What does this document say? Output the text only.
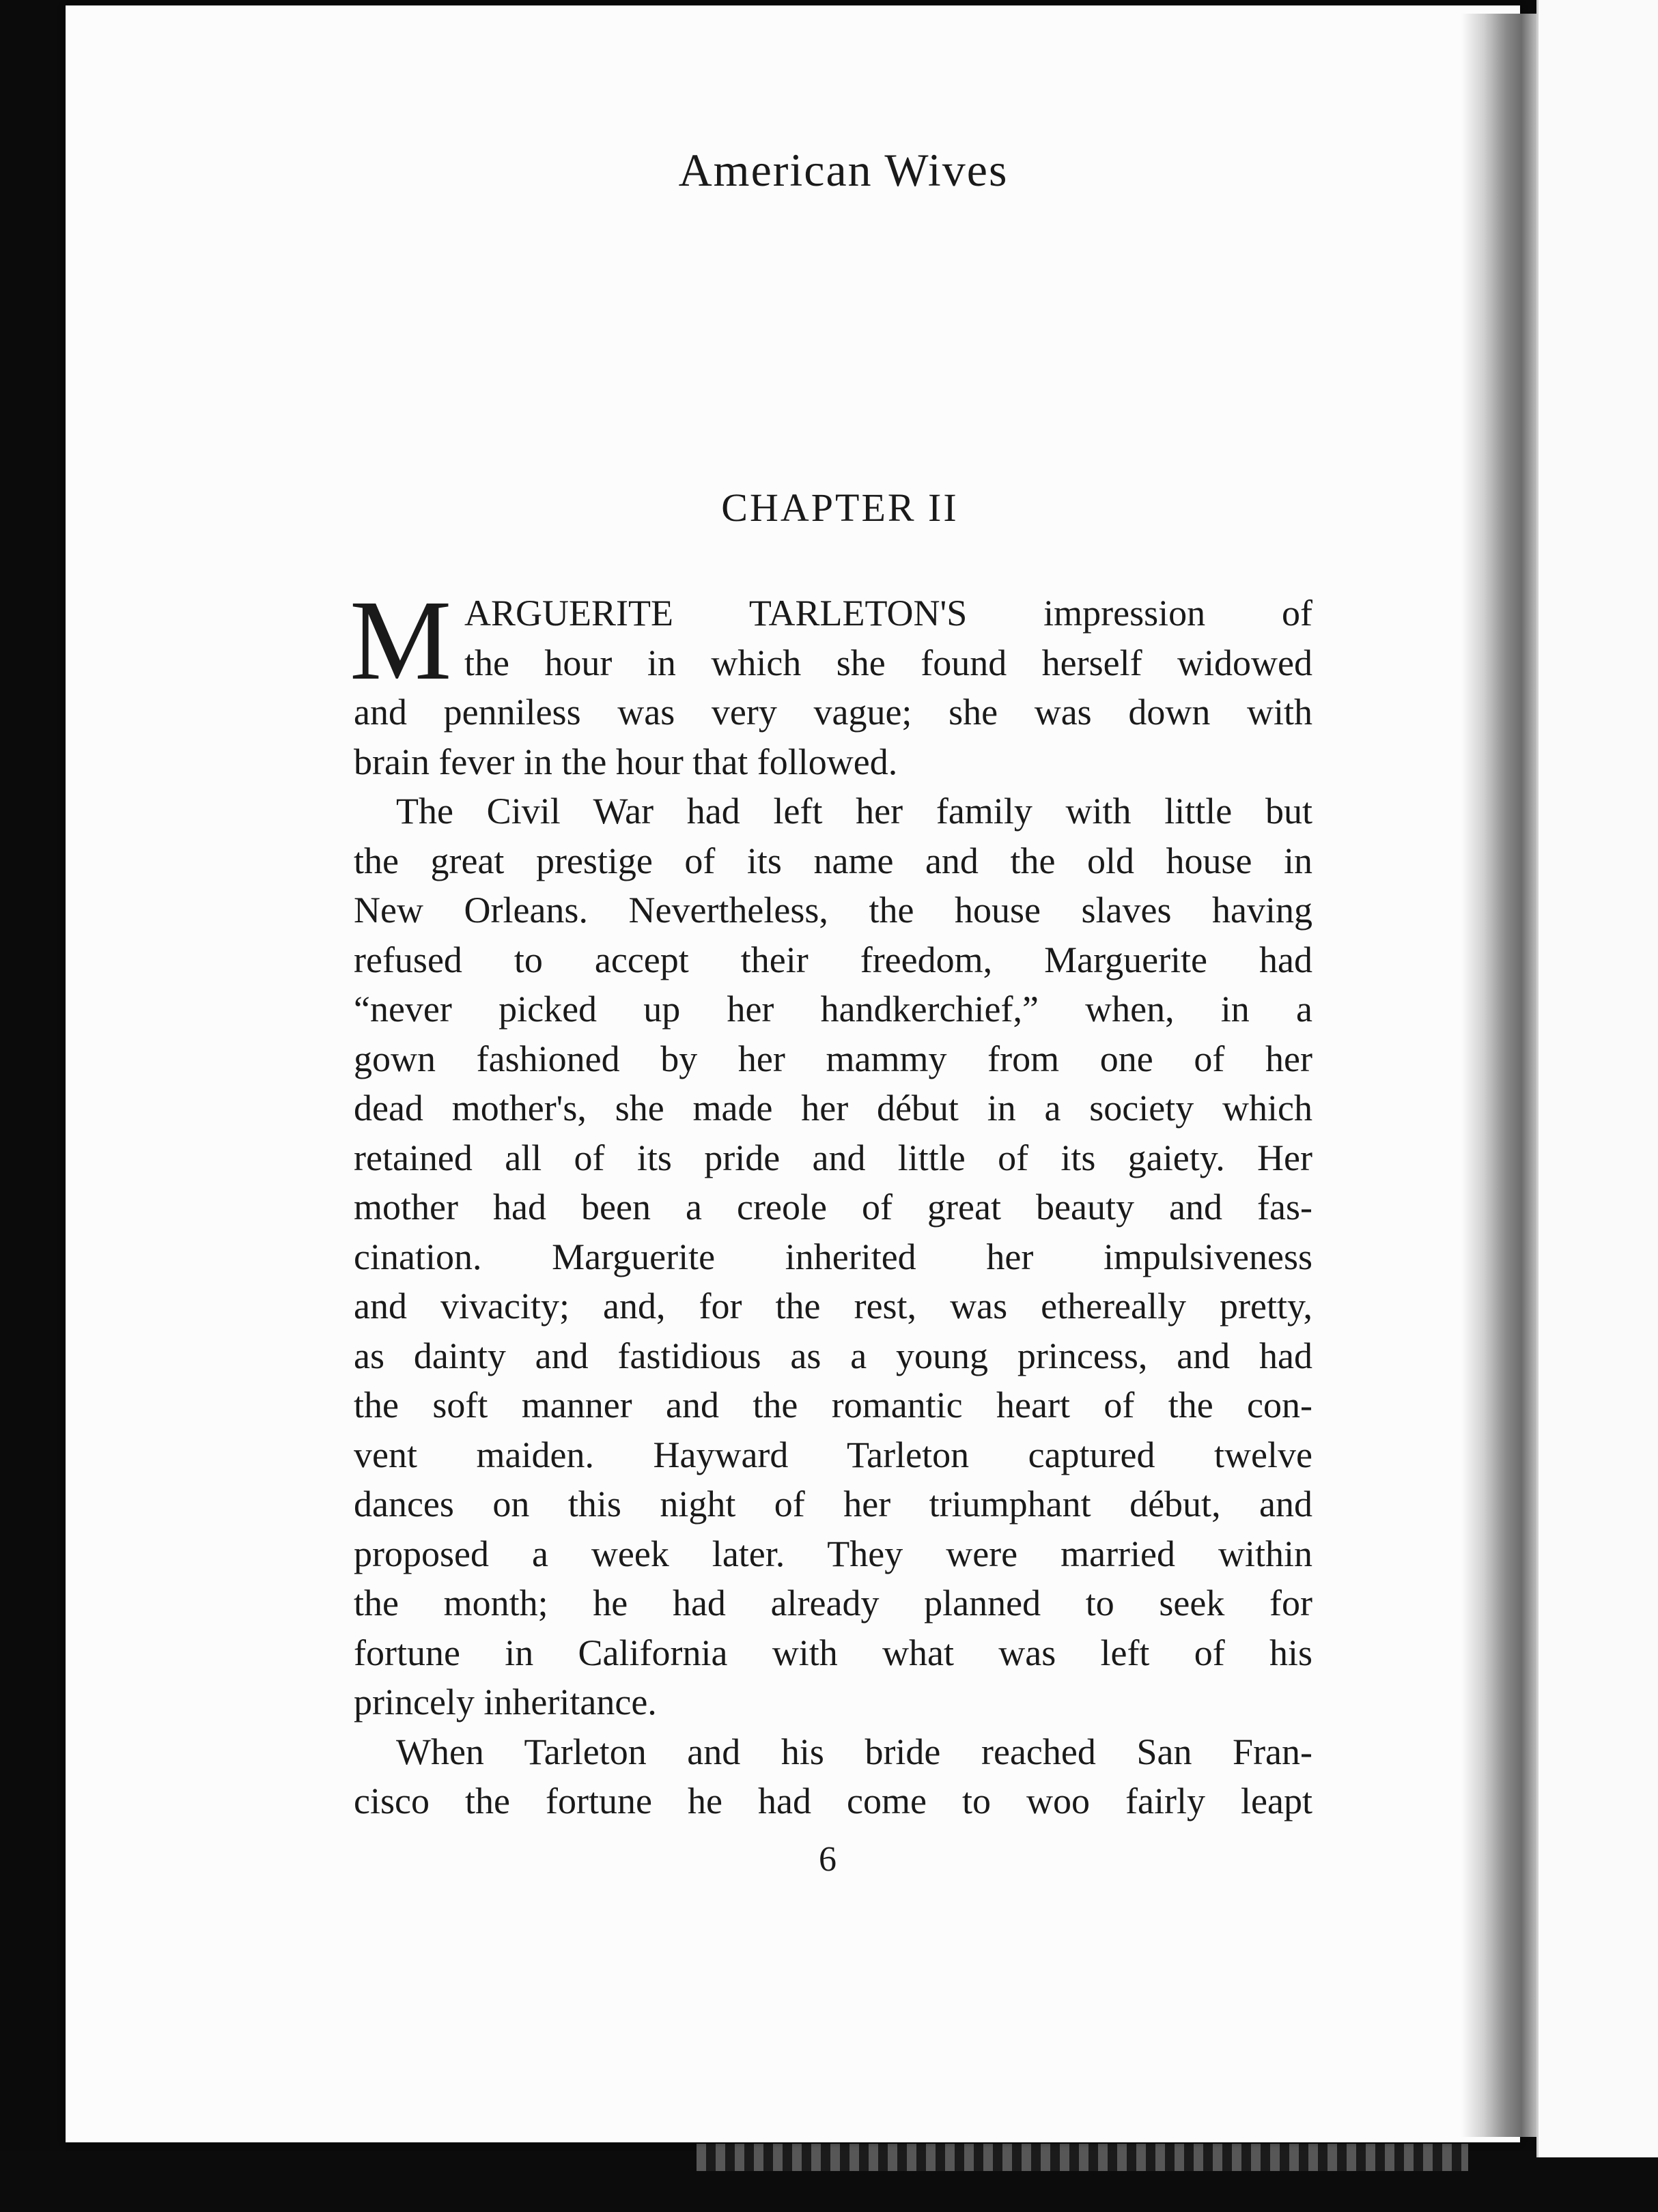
American Wives
CHAPTER II
M ARGUERITE TARLETON'S impression of
the hour in which she found herself widowed
and penniless was very vague; she was down with
brain fever in the hour that followed.
The Civil War had left her family with little but
the great prestige of its name and the old house in
New Orleans. Nevertheless, the house slaves having
refused to accept their freedom, Marguerite had
“never picked up her handkerchief,” when, in a
gown fashioned by her mammy from one of her
dead mother's, she made her début in a society which
retained all of its pride and little of its gaiety. Her
mother had been a creole of great beauty and fas-
cination. Marguerite inherited her impulsiveness
and vivacity; and, for the rest, was ethereally pretty,
as dainty and fastidious as a young princess, and had
the soft manner and the romantic heart of the con-
vent maiden. Hayward Tarleton captured twelve
dances on this night of her triumphant début, and
proposed a week later. They were married within
the month; he had already planned to seek for
fortune in California with what was left of his
princely inheritance.
When Tarleton and his bride reached San Fran-
cisco the fortune he had come to woo fairly leapt
6
